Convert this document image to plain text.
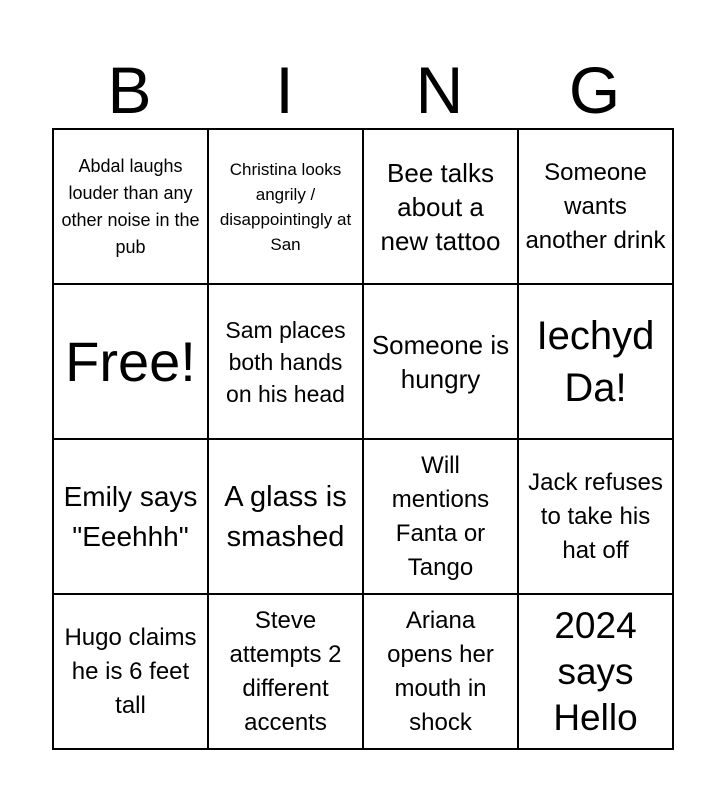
B	I	N	G
Abdal laughs louder than any other noise in the pub	Christina looks angrily / disappointingly at San	Bee talks about a new tattoo	Someone wants another drink
Free!	Sam places both hands on his head	Someone is hungry	Iechyd Da!
Emily says "Eeehhh"	A glass is smashed	Will mentions Fanta or Tango	Jack refuses to take his hat off
Hugo claims he is 6 feet tall	Steve attempts 2 different accents	Ariana opens her mouth in shock	2024 says Hello
